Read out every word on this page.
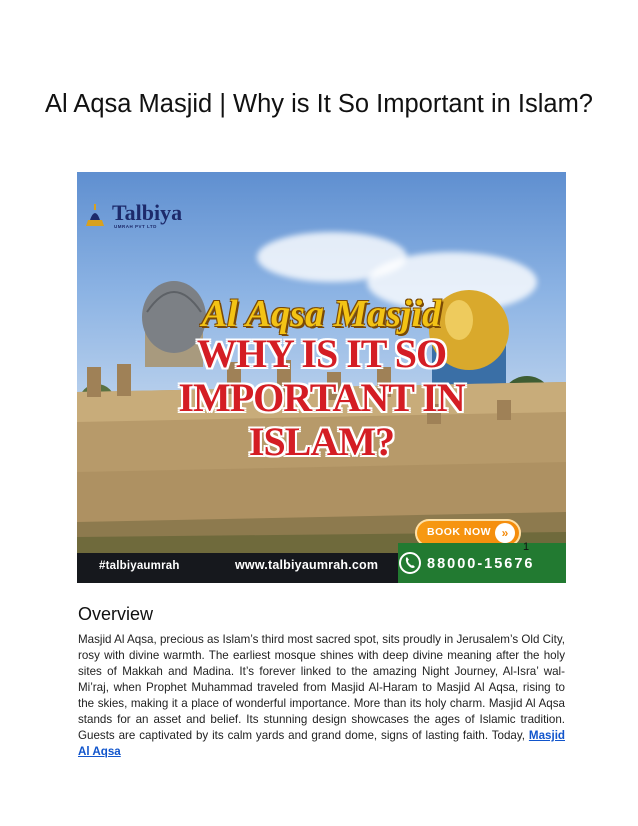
Al Aqsa Masjid | Why is It So Important in Islam?
Talbiya
UMRAH PVT LTD
Al Aqsa Masjid
WHY IS IT SO IMPORTANT IN
ISLAM?
BOOK NOW »
#talbiyaumrah	www.talbiyaumrah.com	88000-15676
1
Overview
Masjid Al Aqsa, precious as Islam’s third most sacred spot, sits proudly in Jerusalem’s Old City, rosy with divine warmth. The earliest mosque shines with deep divine meaning after the holy sites of Makkah and Madina. It’s forever linked to the amazing Night Journey, Al-Isra’ wal-Mi’raj, when Prophet Muhammad traveled from Masjid Al-Haram to Masjid Al Aqsa, rising to the skies, making it a place of wonderful importance. More than its holy charm. Masjid Al Aqsa stands for an asset and belief. Its stunning design showcases the ages of Islamic tradition. Guests are captivated by its calm yards and grand dome, signs of lasting faith. Today, Masjid Al Aqsa
